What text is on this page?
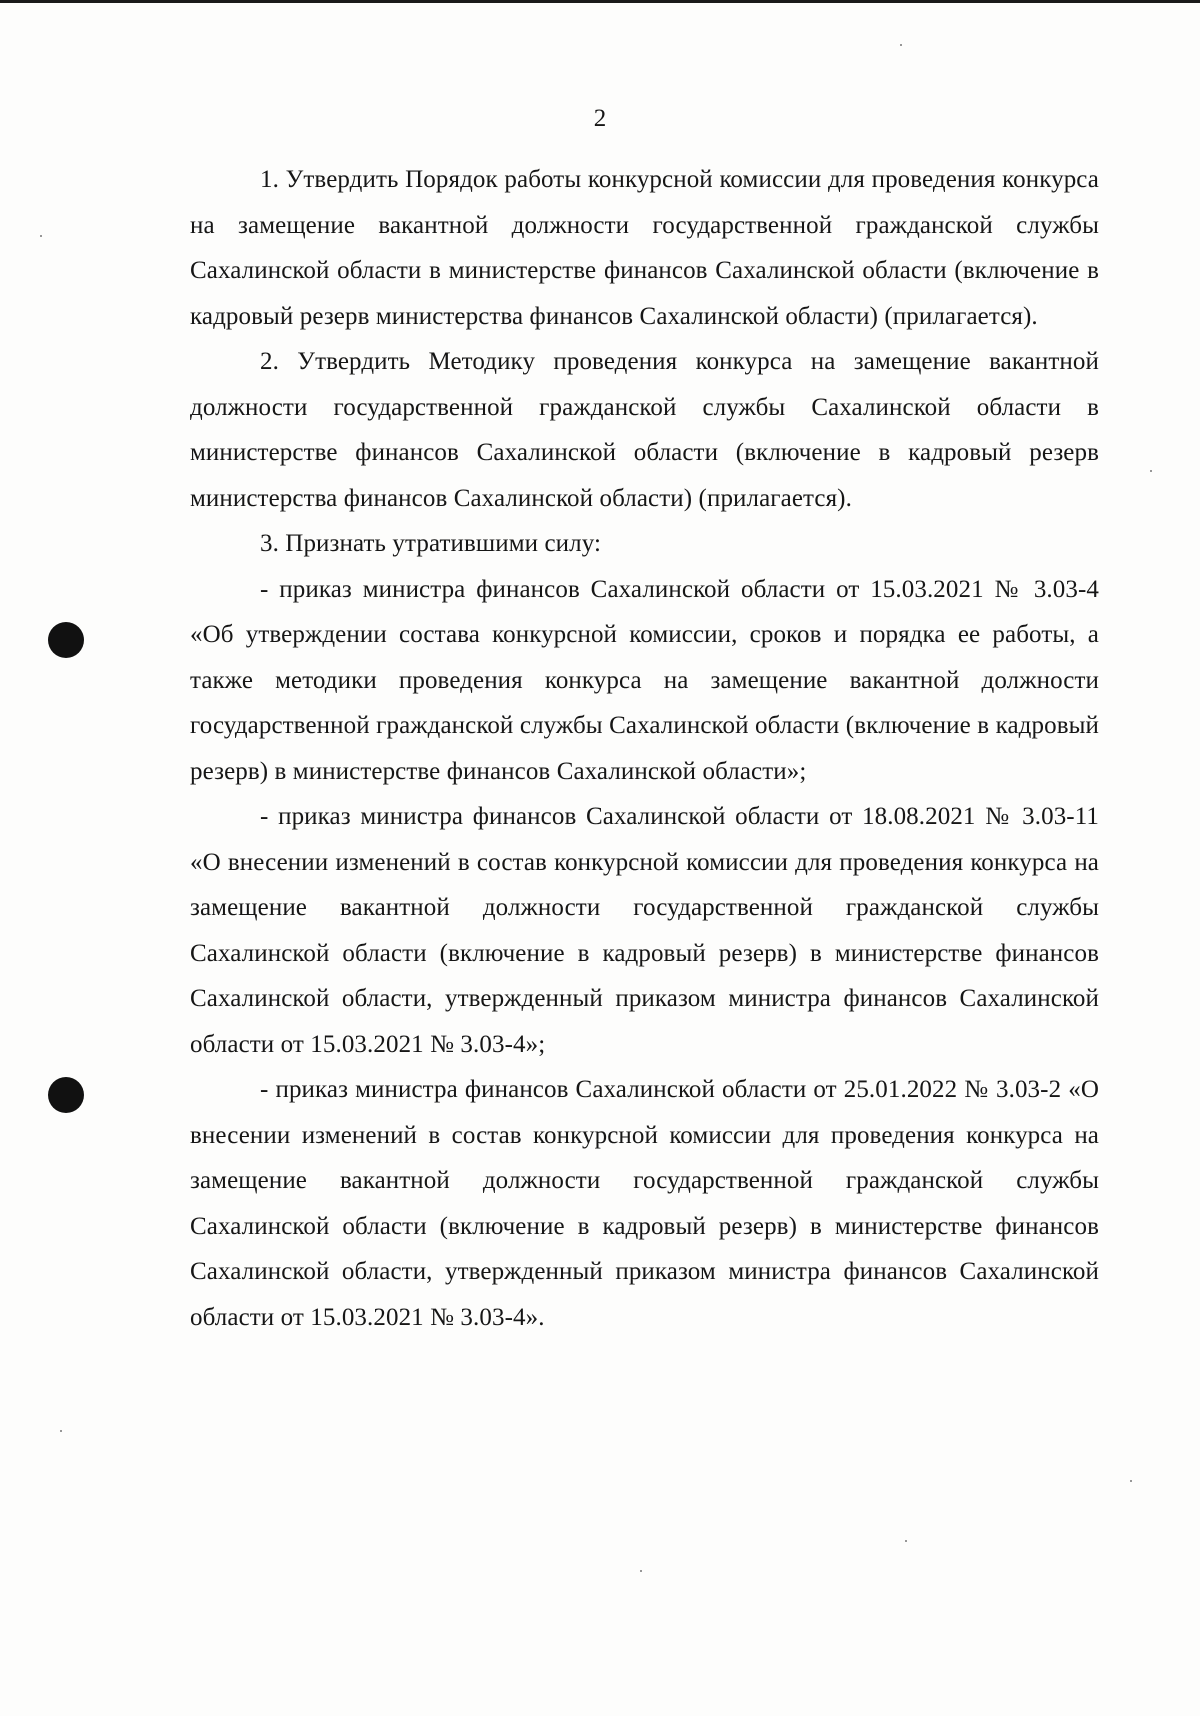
2

1. Утвердить Порядок работы конкурсной комиссии для проведения конкурса на замещение вакантной должности государственной гражданской службы Сахалинской области в министерстве финансов Сахалинской области (включение в кадровый резерв министерства финансов Сахалинской области) (прилагается).

2. Утвердить Методику проведения конкурса на замещение вакантной должности государственной гражданской службы Сахалинской области в министерстве финансов Сахалинской области (включение в кадровый резерв министерства финансов Сахалинской области) (прилагается).

3. Признать утратившими силу:

- приказ министра финансов Сахалинской области от 15.03.2021 № 3.03-4 «Об утверждении состава конкурсной комиссии, сроков и порядка ее работы, а также методики проведения конкурса на замещение вакантной должности государственной гражданской службы Сахалинской области (включение в кадровый резерв) в министерстве финансов Сахалинской области»;

- приказ министра финансов Сахалинской области от 18.08.2021 № 3.03-11 «О внесении изменений в состав конкурсной комиссии для проведения конкурса на замещение вакантной должности государственной гражданской службы Сахалинской области (включение в кадровый резерв) в министерстве финансов Сахалинской области, утвержденный приказом министра финансов Сахалинской области от 15.03.2021 № 3.03-4»;

- приказ министра финансов Сахалинской области от 25.01.2022 № 3.03-2 «О внесении изменений в состав конкурсной комиссии для проведения конкурса на замещение вакантной должности государственной гражданской службы Сахалинской области (включение в кадровый резерв) в министерстве финансов Сахалинской области, утвержденный приказом министра финансов Сахалинской области от 15.03.2021 № 3.03-4».
